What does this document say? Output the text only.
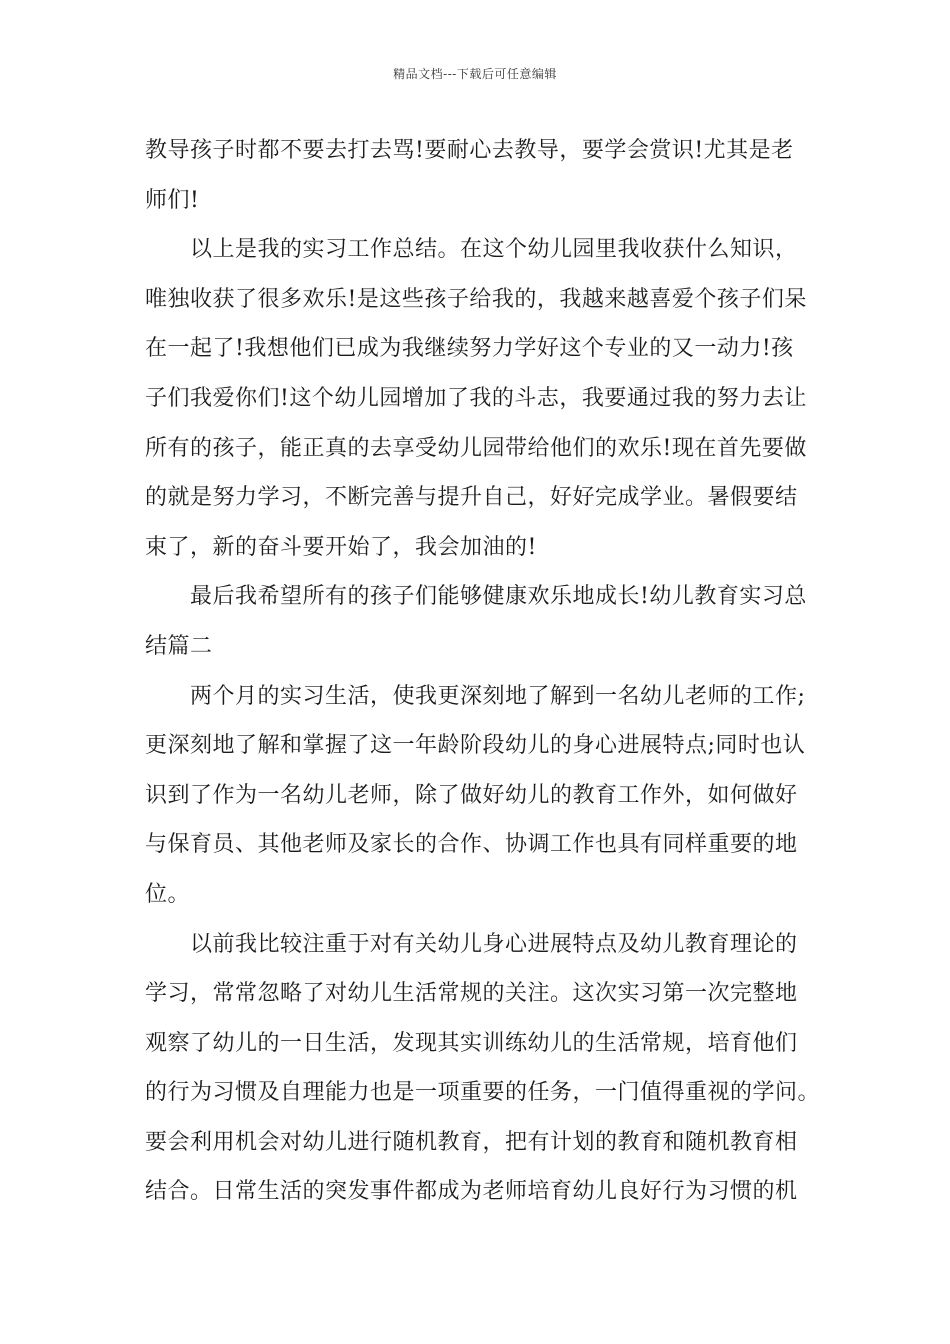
精品文档---下载后可任意编辑
教导孩子时都不要去打去骂!要耐心去教导，要学会赏识!尤其是老
师们!
以上是我的实习工作总结。在这个幼儿园里我收获什么知识，
唯独收获了很多欢乐!是这些孩子给我的，我越来越喜爱个孩子们呆
在一起了!我想他们已成为我继续努力学好这个专业的又一动力!孩
子们我爱你们!这个幼儿园增加了我的斗志，我要通过我的努力去让
所有的孩子，能正真的去享受幼儿园带给他们的欢乐!现在首先要做
的就是努力学习，不断完善与提升自己，好好完成学业。暑假要结
束了，新的奋斗要开始了，我会加油的!
最后我希望所有的孩子们能够健康欢乐地成长!幼儿教育实习总
结篇二
两个月的实习生活，使我更深刻地了解到一名幼儿老师的工作;
更深刻地了解和掌握了这一年龄阶段幼儿的身心进展特点;同时也认
识到了作为一名幼儿老师，除了做好幼儿的教育工作外，如何做好
与保育员、其他老师及家长的合作、协调工作也具有同样重要的地
位。
以前我比较注重于对有关幼儿身心进展特点及幼儿教育理论的
学习，常常忽略了对幼儿生活常规的关注。这次实习第一次完整地
观察了幼儿的一日生活，发现其实训练幼儿的生活常规，培育他们
的行为习惯及自理能力也是一项重要的任务，一门值得重视的学问。
要会利用机会对幼儿进行随机教育，把有计划的教育和随机教育相
结合。日常生活的突发事件都成为老师培育幼儿良好行为习惯的机
